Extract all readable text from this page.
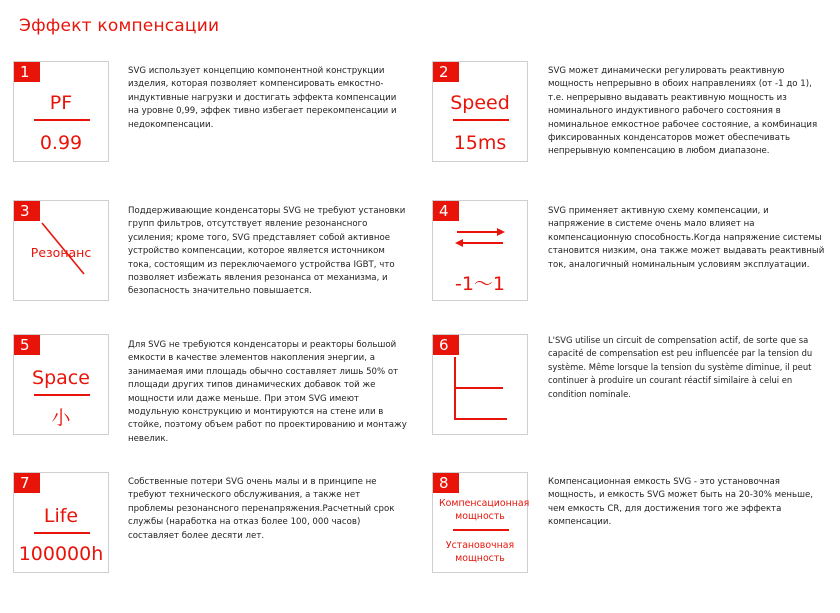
Эффект компенсации
1
PF
0.99
SVG использует концепцию компонентной конструкции изделия, которая позволяет компенсировать емкостно-индуктивные нагрузки и достигать эффекта компенсации на уровне 0,99, эффек тивно избегает перекомпенсации и недокомпенсации.
2
Speed
15ms
SVG может динамически регулировать реактивную мощность непрерывно в обоих направлениях (от -1 до 1), т.е. непрерывно выдавать реактивную мощность из номинального индуктивного рабочего состояния в номинальное емкостное рабочее состояние, а комбинация фиксированных конденсаторов может обеспечивать непрерывную компенсацию в любом диапазоне.
3
Резонанс
Поддерживающие конденсаторы SVG не требуют установки групп фильтров, отсутствует явление резонансного усиления; кроме того, SVG представляет собой активное устройство компенсации, которое является источником тока, состоящим из переключаемого устройства IGBT, что позволяет избежать явления резонанса от механизма, и безопасность значительно повышается.
4
-1～1
SVG применяет активную схему компенсации, и напряжение в системе очень мало влияет на компенсационную способность.Когда напряжение системы становится низким, она также может выдавать реактивный ток, аналогичный номинальным условиям эксплуатации.
5
Space
小
Для SVG не требуются конденсаторы и реакторы большой емкости в качестве элементов накопления энергии, а занимаемая ими площадь обычно составляет лишь 50% от площади других типов динамических добавок той же мощности или даже меньше. При этом SVG имеют модульную конструкцию и монтируются на стене или в стойке, поэтому объем работ по проектированию и монтажу невелик.
6	L'SVG utilise un circuit de compensation actif, de sorte que sa capacité de compensation est peu influencée par la tension du système. Même lorsque la tension du système diminue, il peut continuer à produire un courant réactif similaire à celui en condition nominale.
7
Life
100000h
Собственные потери SVG очень малы и в принципе не требуют технического обслуживания, а также нет проблемы резонансного перенапряжения.Расчетный срок службы (наработка на отказ более 100, 000 часов) составляет более десяти лет.
8
Компенсационная мощность
Установочная мощность
Компенсационная емкость SVG - это установочная мощность, и емкость SVG может быть на 20-30% меньше, чем емкость CR, для достижения того же эффекта компенсации.
